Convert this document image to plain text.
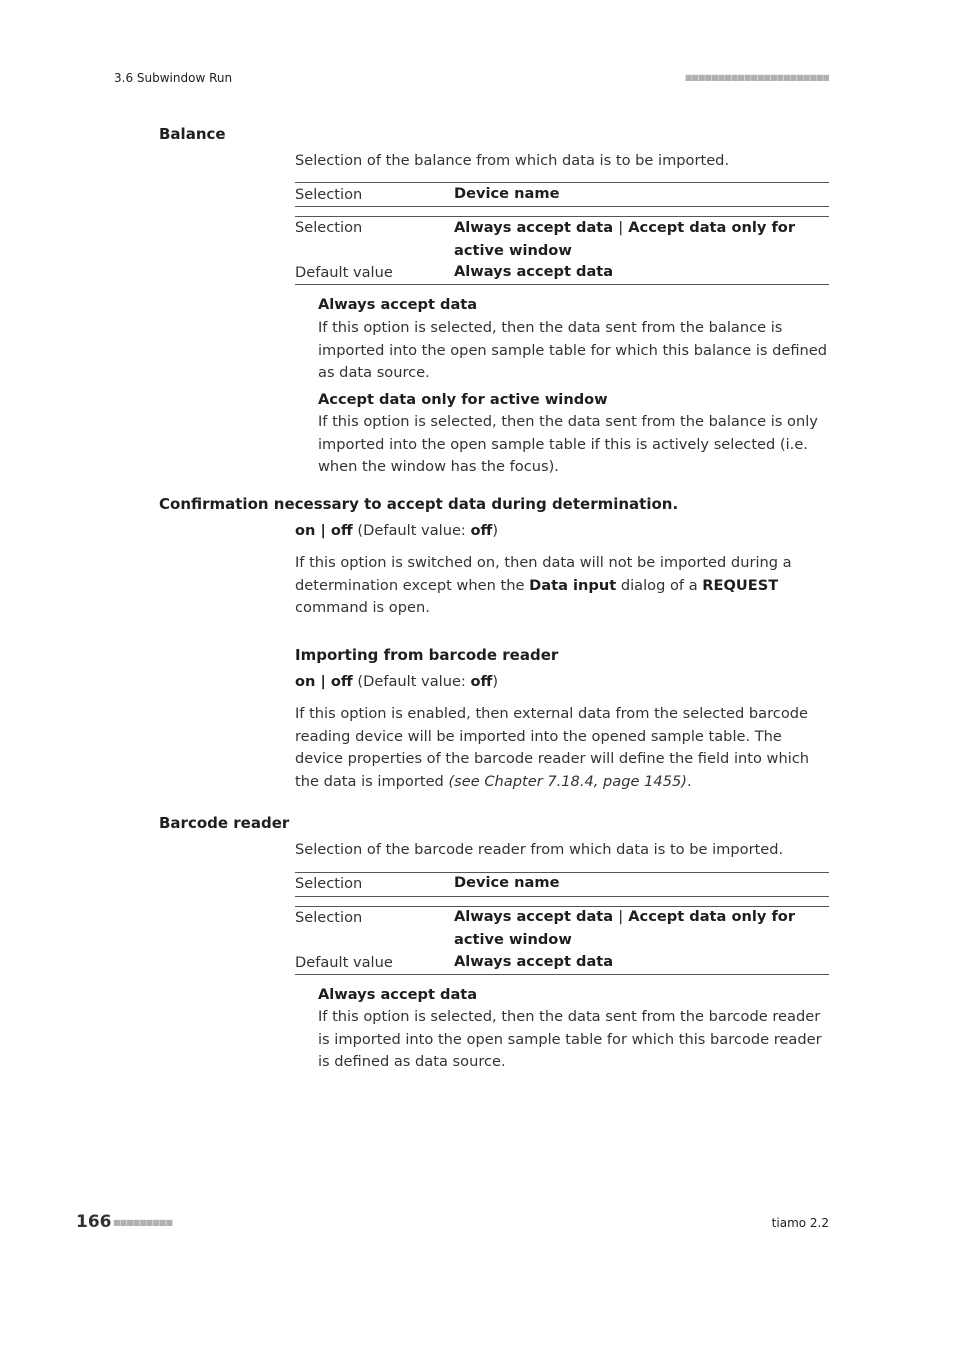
3.6 Subwindow Run	■■■■■■■■■■■■■■■■■■■■■■
Balance
Selection of the balance from which data is to be imported.
Selection	Device name
Selection	Always accept data | Accept data only for active window
Default value	Always accept data
Always accept data
If this option is selected, then the data sent from the balance is imported into the open sample table for which this balance is defined as data source.
Accept data only for active window
If this option is selected, then the data sent from the balance is only imported into the open sample table if this is actively selected (i.e. when the window has the focus).
Confirmation necessary to accept data during determination.
on | off (Default value: off)
If this option is switched on, then data will not be imported during a determination except when the Data input dialog of a REQUEST command is open.
Importing from barcode reader
on | off (Default value: off)
If this option is enabled, then external data from the selected barcode reading device will be imported into the opened sample table. The device properties of the barcode reader will define the field into which the data is imported (see Chapter 7.18.4, page 1455).
Barcode reader
Selection of the barcode reader from which data is to be imported.
Selection	Device name
Selection	Always accept data | Accept data only for active window
Default value	Always accept data
Always accept data
If this option is selected, then the data sent from the barcode reader is imported into the open sample table for which this barcode reader is defined as data source.
166 ■■■■■■■■■	tiamo 2.2
